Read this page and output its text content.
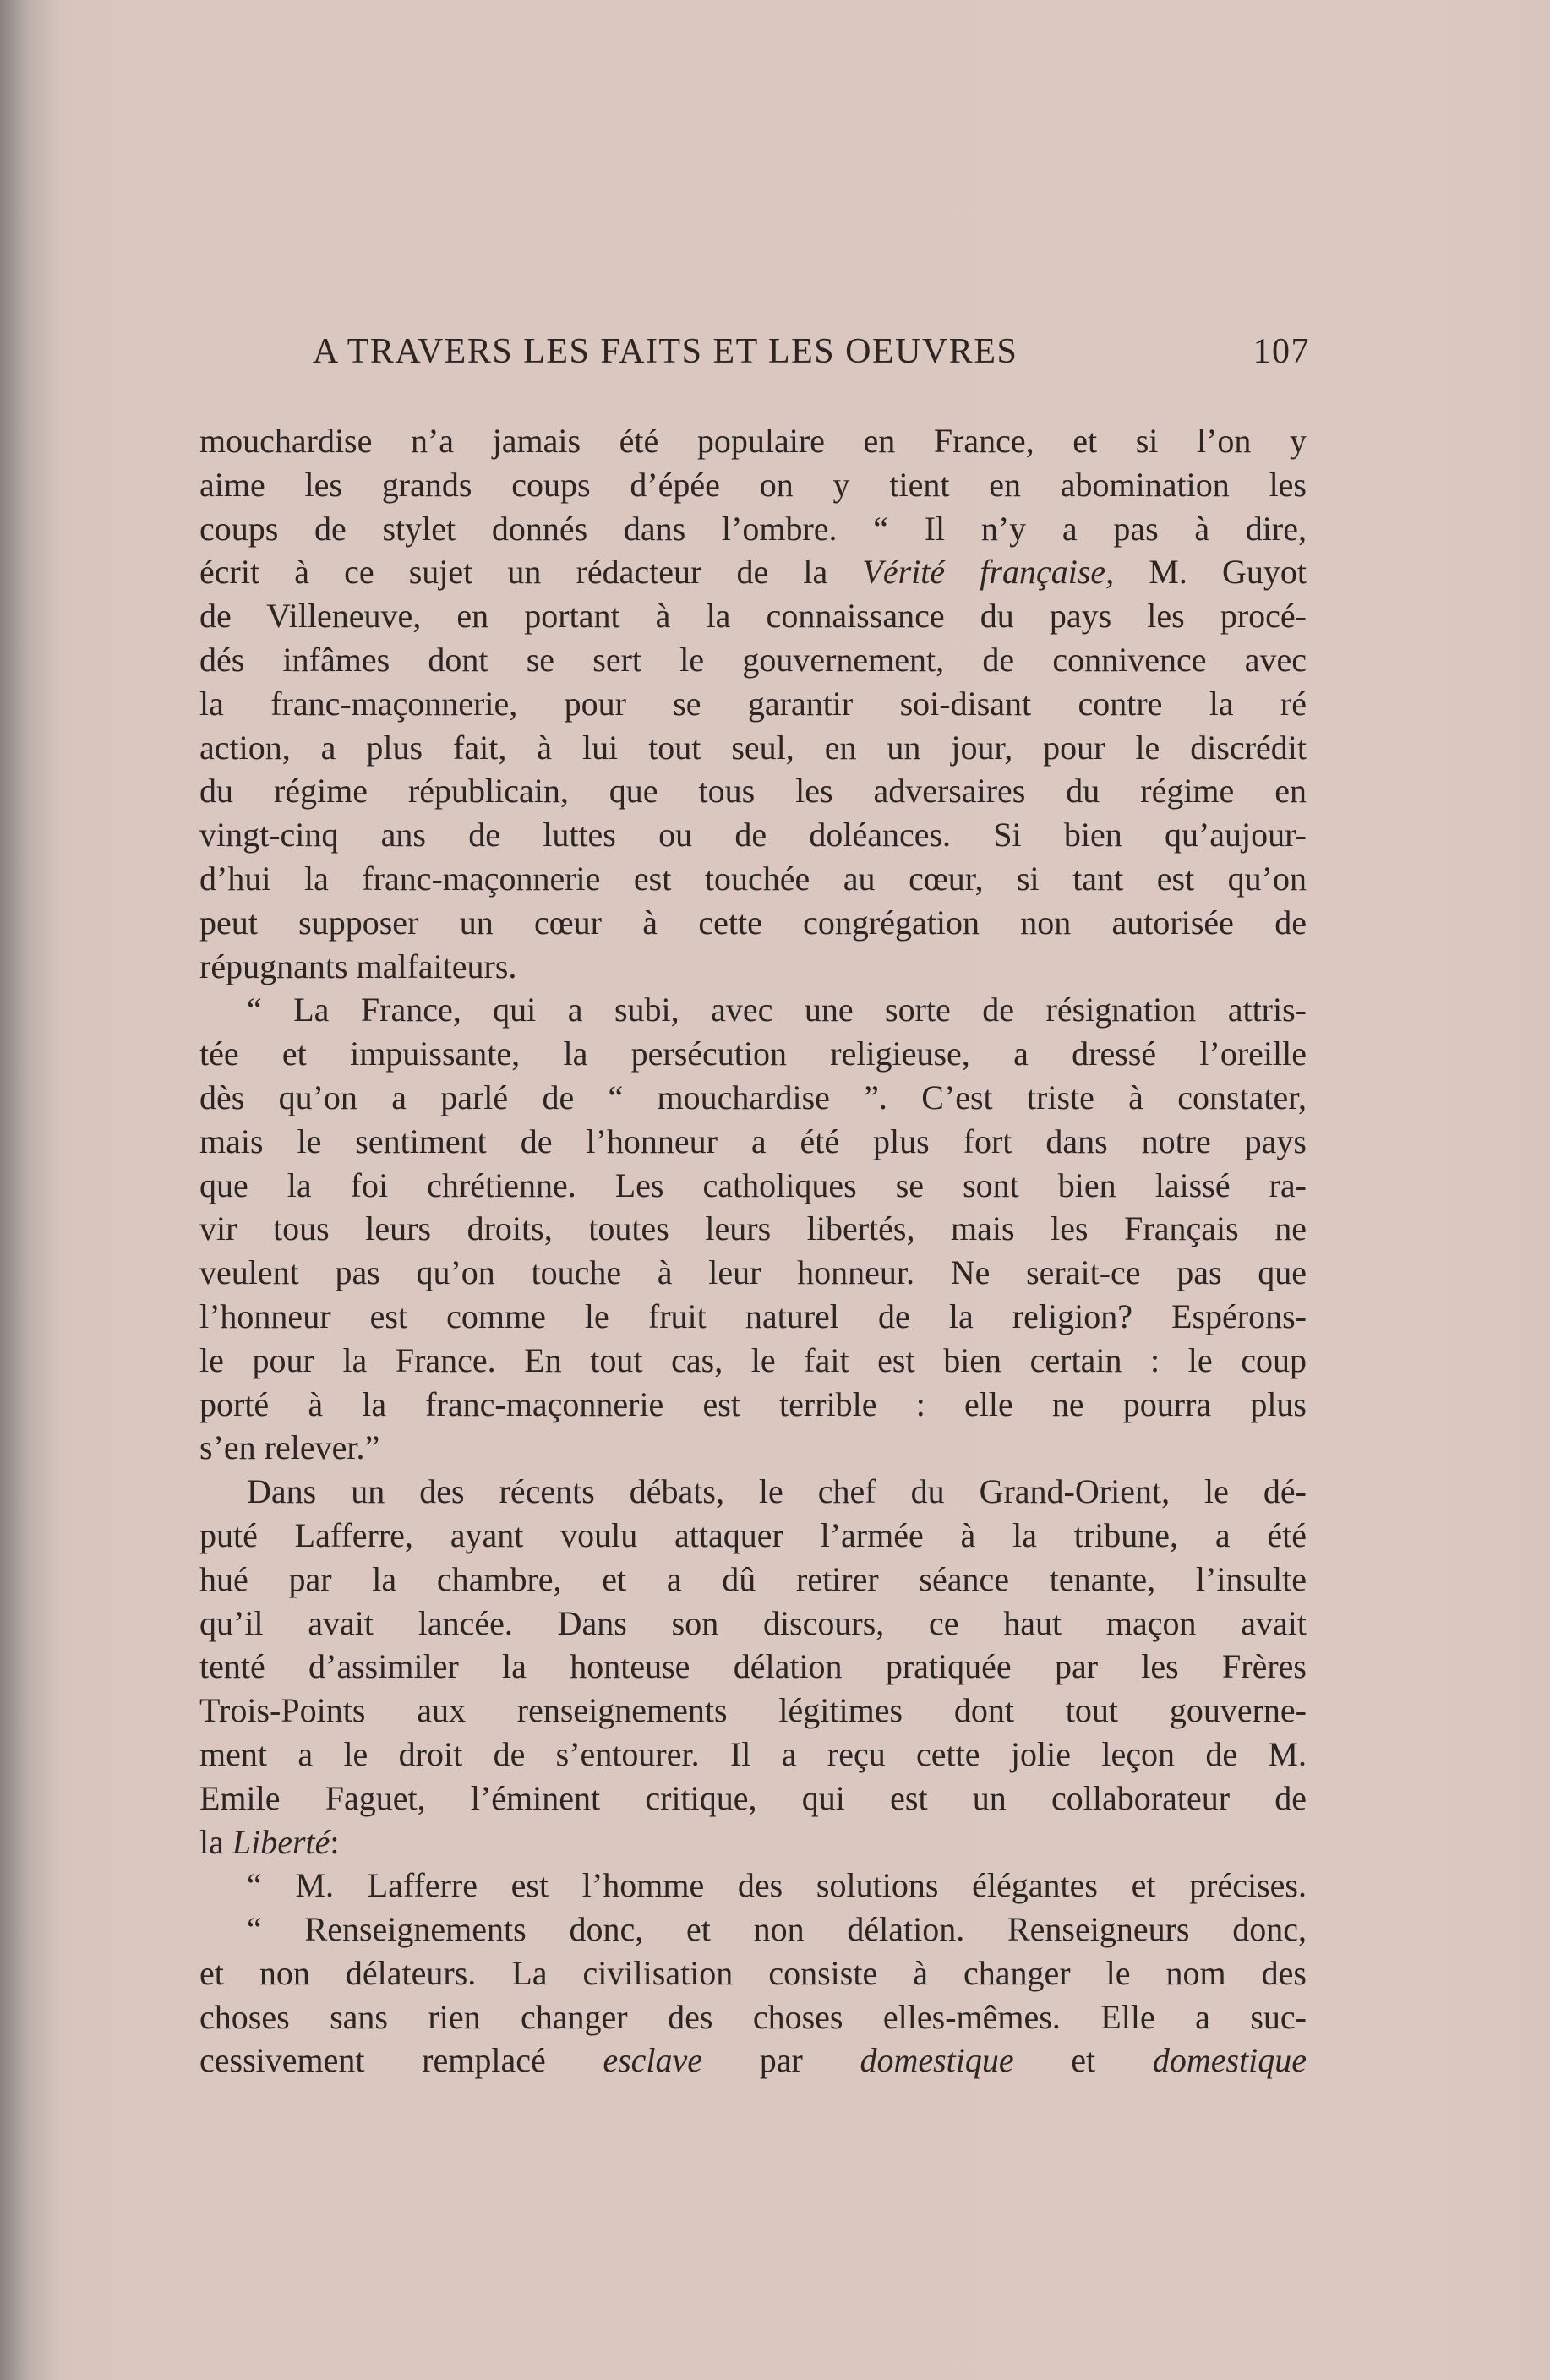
A TRAVERS LES FAITS ET LES OEUVRES	107
mouchardise n’a jamais été populaire en France, et si l’on y
aime les grands coups d’épée on y tient en abomination les
coups de stylet donnés dans l’ombre. “ Il n’y a pas à dire,
écrit à ce sujet un rédacteur de la Vérité française, M. Guyot
de Villeneuve, en portant à la connaissance du pays les procé-
dés infâmes dont se sert le gouvernement, de connivence avec
la franc-maçonnerie, pour se garantir soi-disant contre la ré
action, a plus fait, à lui tout seul, en un jour, pour le discrédit
du régime républicain, que tous les adversaires du régime en
vingt-cinq ans de luttes ou de doléances. Si bien qu’aujour-
d’hui la franc-maçonnerie est touchée au cœur, si tant est qu’on
peut supposer un cœur à cette congrégation non autorisée de
répugnants malfaiteurs.
“ La France, qui a subi, avec une sorte de résignation attris-
tée et impuissante, la persécution religieuse, a dressé l’oreille
dès qu’on a parlé de “ mouchardise ”. C’est triste à constater,
mais le sentiment de l’honneur a été plus fort dans notre pays
que la foi chrétienne. Les catholiques se sont bien laissé ra-
vir tous leurs droits, toutes leurs libertés, mais les Français ne
veulent pas qu’on touche à leur honneur. Ne serait-ce pas que
l’honneur est comme le fruit naturel de la religion? Espérons-
le pour la France. En tout cas, le fait est bien certain : le coup
porté à la franc-maçonnerie est terrible : elle ne pourra plus
s’en relever.”
Dans un des récents débats, le chef du Grand-Orient, le dé-
puté Lafferre, ayant voulu attaquer l’armée à la tribune, a été
hué par la chambre, et a dû retirer séance tenante, l’insulte
qu’il avait lancée. Dans son discours, ce haut maçon avait
tenté d’assimiler la honteuse délation pratiquée par les Frères
Trois-Points aux renseignements légitimes dont tout gouverne-
ment a le droit de s’entourer. Il a reçu cette jolie leçon de M.
Emile Faguet, l’éminent critique, qui est un collaborateur de
la Liberté:
“ M. Lafferre est l’homme des solutions élégantes et précises.
“ Renseignements donc, et non délation. Renseigneurs donc,
et non délateurs. La civilisation consiste à changer le nom des
choses sans rien changer des choses elles-mêmes. Elle a suc-
cessivement remplacé esclave par domestique et domestique
